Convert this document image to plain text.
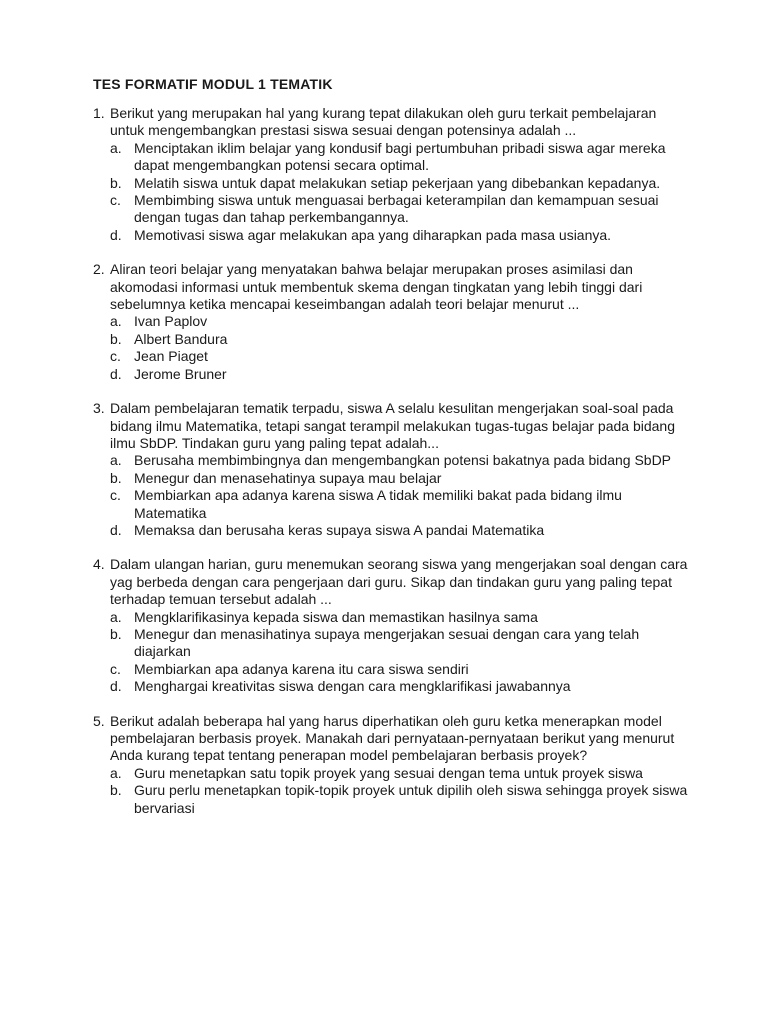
TES FORMATIF MODUL 1 TEMATIK
1. Berikut yang merupakan hal yang kurang tepat dilakukan oleh guru terkait pembelajaran untuk mengembangkan prestasi siswa sesuai dengan potensinya adalah ...
a. Menciptakan iklim belajar yang kondusif bagi pertumbuhan pribadi siswa agar mereka dapat mengembangkan potensi secara optimal.
b. Melatih siswa untuk dapat melakukan setiap pekerjaan yang dibebankan kepadanya.
c. Membimbing siswa untuk menguasai berbagai keterampilan dan kemampuan sesuai dengan tugas dan tahap perkembangannya.
d. Memotivasi siswa agar melakukan apa yang diharapkan pada masa usianya.
2. Aliran teori belajar yang menyatakan bahwa belajar merupakan proses asimilasi dan akomodasi informasi untuk membentuk skema dengan tingkatan yang lebih tinggi dari sebelumnya ketika mencapai keseimbangan adalah teori belajar menurut ...
a. Ivan Paplov
b. Albert Bandura
c. Jean Piaget
d. Jerome Bruner
3. Dalam pembelajaran tematik terpadu, siswa A selalu kesulitan mengerjakan soal-soal pada bidang ilmu Matematika, tetapi sangat terampil melakukan tugas-tugas belajar pada bidang ilmu SbDP. Tindakan guru yang paling tepat adalah...
a. Berusaha membimbingnya dan mengembangkan potensi bakatnya pada bidang SbDP
b. Menegur dan menasehatinya supaya mau belajar
c. Membiarkan apa adanya karena siswa A tidak memiliki bakat pada bidang ilmu Matematika
d. Memaksa dan berusaha keras supaya siswa A pandai Matematika
4. Dalam ulangan harian, guru menemukan seorang siswa yang mengerjakan soal dengan cara yag berbeda dengan cara pengerjaan dari guru. Sikap dan tindakan guru yang paling tepat terhadap temuan tersebut adalah ...
a. Mengklarifikasinya kepada siswa dan memastikan hasilnya sama
b. Menegur dan menasihatinya supaya mengerjakan sesuai dengan cara yang telah diajarkan
c. Membiarkan apa adanya karena itu cara siswa sendiri
d. Menghargai kreativitas siswa dengan cara mengklarifikasi jawabannya
5. Berikut adalah beberapa hal yang harus diperhatikan oleh guru ketka menerapkan model pembelajaran berbasis proyek. Manakah dari pernyataan-pernyataan berikut yang menurut Anda kurang tepat tentang penerapan model pembelajaran berbasis proyek?
a. Guru menetapkan satu topik proyek yang sesuai dengan tema untuk proyek siswa
b. Guru perlu menetapkan topik-topik proyek untuk dipilih oleh siswa sehingga proyek siswa bervariasi
